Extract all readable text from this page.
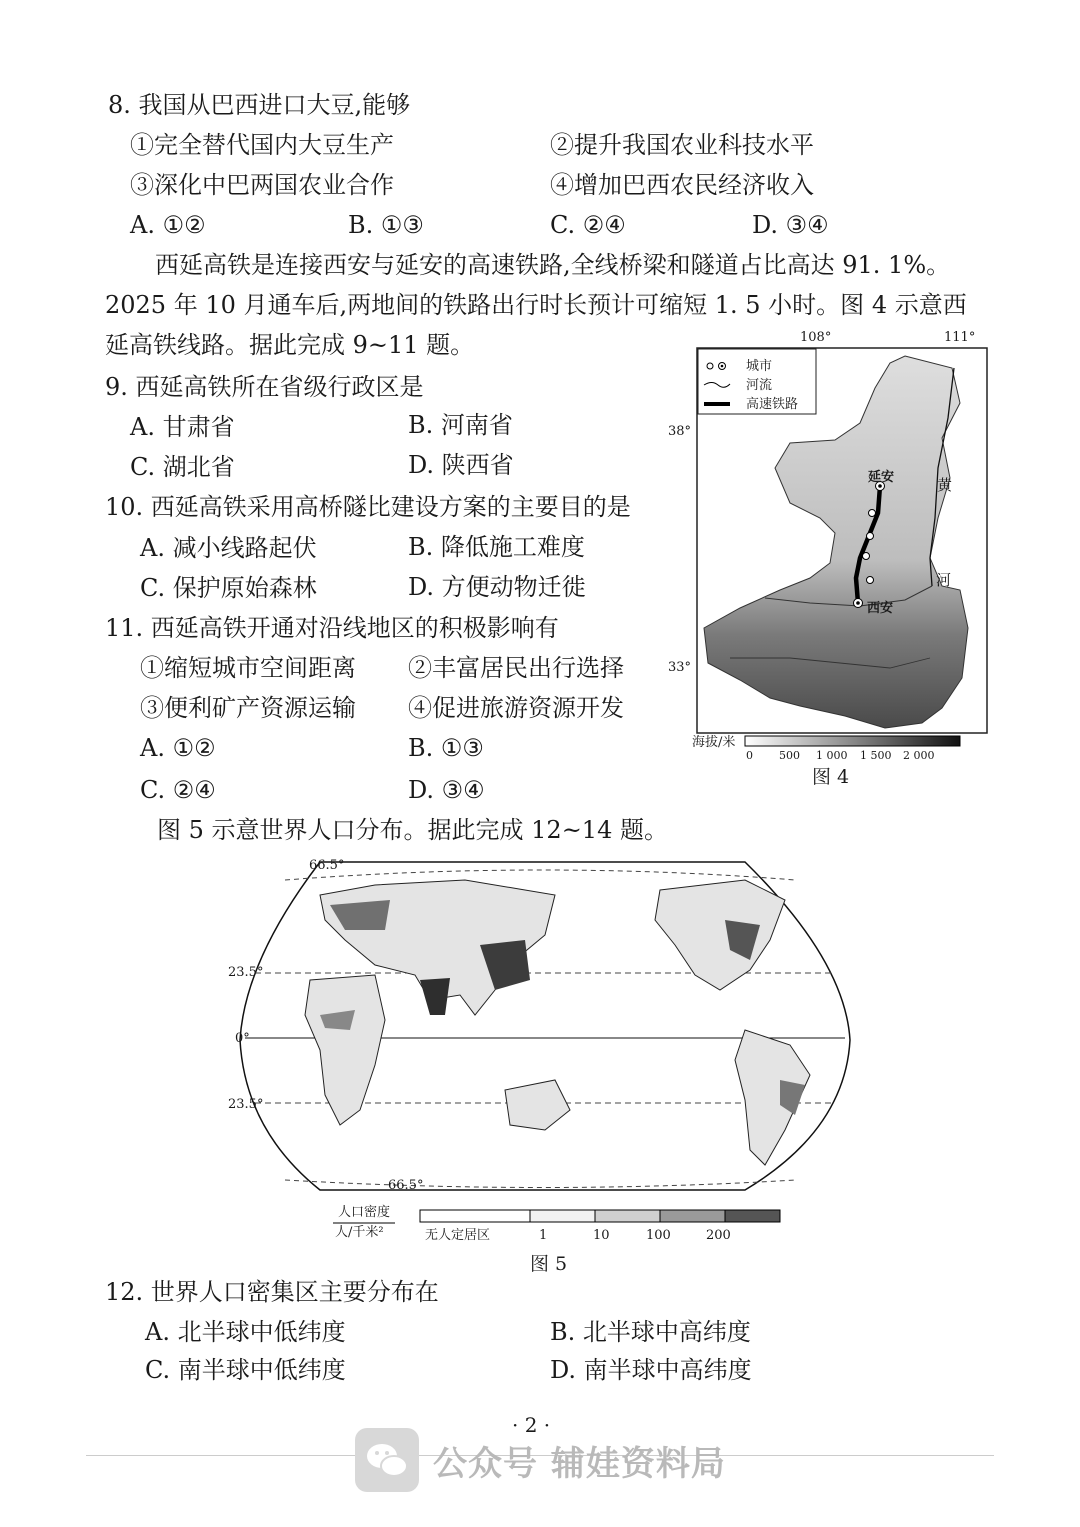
8. 我国从巴西进口大豆,能够
①完全替代国内大豆生产	②提升我国农业科技水平
③深化中巴两国农业合作	④增加巴西农民经济收入
A. ①②	B. ①③	C. ②④	D. ③④
西延高铁是连接西安与延安的高速铁路,全线桥梁和隧道占比高达 91. 1%。
2025 年 10 月通车后,两地间的铁路出行时长预计可缩短 1. 5 小时。图 4 示意西
延高铁线路。据此完成 9~11 题。
9. 西延高铁所在省级行政区是
A. 甘肃省	B. 河南省
C. 湖北省	D. 陕西省
10. 西延高铁采用高桥隧比建设方案的主要目的是
A. 减小线路起伏	B. 降低施工难度
C. 保护原始森林	D. 方便动物迁徙
11. 西延高铁开通对沿线地区的积极影响有
①缩短城市空间距离 ②丰富居民出行选择
③便利矿产资源运输 ④促进旅游资源开发
A. ①②	B. ①③
C. ②④	D. ③④
108°	111°
38°
33°
城市
河流
高速铁路
延安
西安
黄
河
海拔/米
0 500 1 000 1 500 2 000
图 4
图 5 示意世界人口分布。据此完成 12~14 题。
66.5°
23.5°
0°
23.5°
66.5°
人口密度
人/千米²	无人定居区	1	10	100	200
图 5
12. 世界人口密集区主要分布在
A. 北半球中低纬度	B. 北半球中高纬度
C. 南半球中低纬度	D. 南半球中高纬度
· 2 ·
公众号 辅娃资料局
